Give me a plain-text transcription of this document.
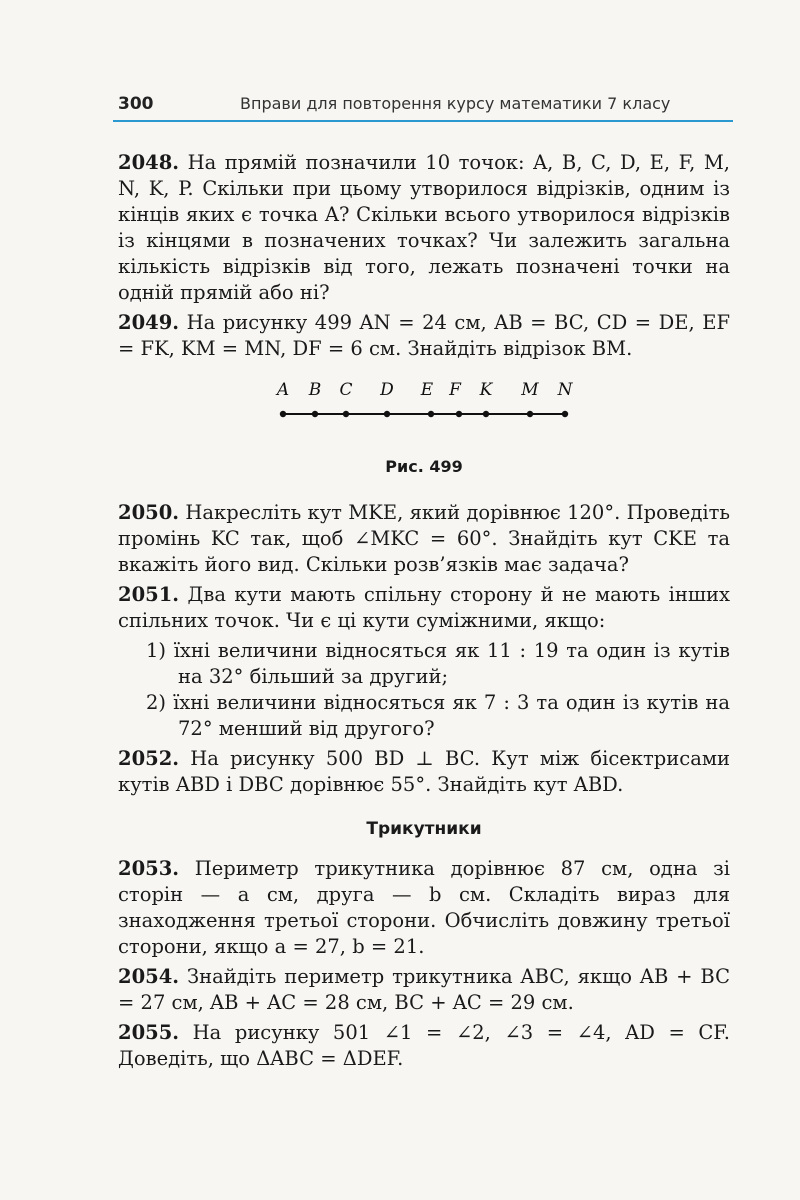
300	Вправи для повторення курсу математики 7 класу

2048. На прямій позначили 10 точок: A, B, C, D, E, F, M, N, K, P. Скільки при цьому утворилося відрізків, одним із кінців яких є точка A? Скільки всього утворилося відрізків із кінцями в позначених точках? Чи залежить загальна кількість відрізків від того, лежать позначені точки на одній прямій або ні?

2049. На рисунку 499 AN = 24 см, AB = BC, CD = DE, EF = FK, KM = MN, DF = 6 см. Знайдіть відрізок BM.

A B C D E F K M N
Рис. 499

2050. Накресліть кут MKE, який дорівнює 120°. Проведіть промінь KC так, щоб ∠MKC = 60°. Знайдіть кут CKE та вкажіть його вид. Скільки розв’язків має задача?

2051. Два кути мають спільну сторону й не мають інших спільних точок. Чи є ці кути суміжними, якщо:

1) їхні величини відносяться як 11 : 19 та один із кутів на 32° більший за другий;

2) їхні величини відносяться як 7 : 3 та один із кутів на 72° менший від другого?

2052. На рисунку 500 BD ⊥ BC. Кут між бісектрисами кутів ABD і DBC дорівнює 55°. Знайдіть кут ABD.

Трикутники

2053. Периметр трикутника дорівнює 87 см, одна зі сторін — a см, друга — b см. Складіть вираз для знаходження третьої сторони. Обчисліть довжину третьої сторони, якщо a = 27, b = 21.

2054. Знайдіть периметр трикутника ABC, якщо AB + BC = 27 см, AB + AC = 28 см, BC + AC = 29 см.

2055. На рисунку 501 ∠1 = ∠2, ∠3 = ∠4, AD = CF. Доведіть, що ΔABC = ΔDEF.
